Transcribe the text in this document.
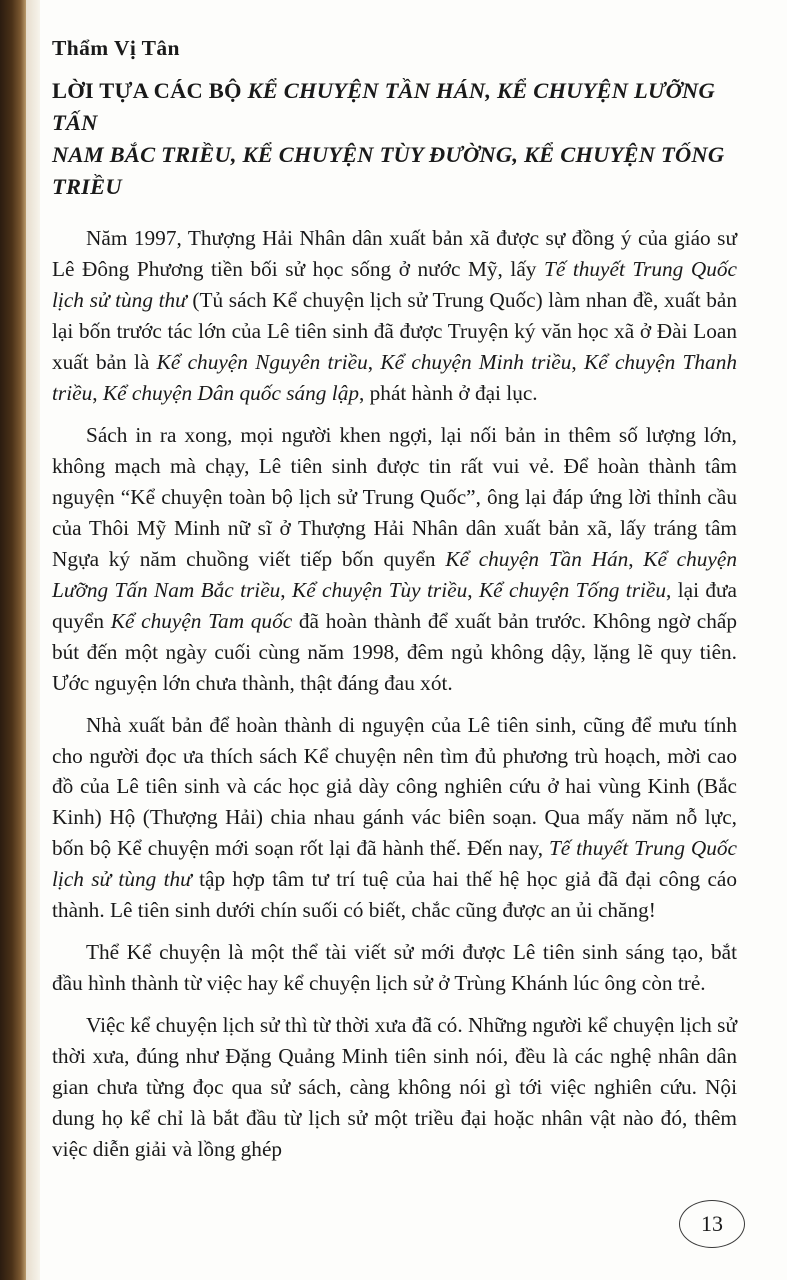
Thẩm Vị Tân
LỜI TỰA CÁC BỘ KỂ CHUYỆN TẦN HÁN, KỂ CHUYỆN LƯỠNG TẤN
NAM BẮC TRIỀU, KỂ CHUYỆN TÙY ĐƯỜNG, KỂ CHUYỆN TỐNG TRIỀU

Năm 1997, Thượng Hải Nhân dân xuất bản xã được sự đồng ý của giáo sư Lê Đông Phương tiền bối sử học sống ở nước Mỹ, lấy Tế thuyết Trung Quốc lịch sử tùng thư (Tủ sách Kể chuyện lịch sử Trung Quốc) làm nhan đề, xuất bản lại bốn trước tác lớn của Lê tiên sinh đã được Truyện ký văn học xã ở Đài Loan xuất bản là Kể chuyện Nguyên triều, Kể chuyện Minh triều, Kể chuyện Thanh triều, Kể chuyện Dân quốc sáng lập, phát hành ở đại lục.

Sách in ra xong, mọi người khen ngợi, lại nối bản in thêm số lượng lớn, không mạch mà chạy, Lê tiên sinh được tin rất vui vẻ. Để hoàn thành tâm nguyện “Kể chuyện toàn bộ lịch sử Trung Quốc”, ông lại đáp ứng lời thỉnh cầu của Thôi Mỹ Minh nữ sĩ ở Thượng Hải Nhân dân xuất bản xã, lấy tráng tâm Ngựa ký năm chuồng viết tiếp bốn quyển Kể chuyện Tần Hán, Kể chuyện Lưỡng Tấn Nam Bắc triều, Kể chuyện Tùy triều, Kể chuyện Tống triều, lại đưa quyển Kể chuyện Tam quốc đã hoàn thành để xuất bản trước. Không ngờ chấp bút đến một ngày cuối cùng năm 1998, đêm ngủ không dậy, lặng lẽ quy tiên. Ước nguyện lớn chưa thành, thật đáng đau xót.

Nhà xuất bản để hoàn thành di nguyện của Lê tiên sinh, cũng để mưu tính cho người đọc ưa thích sách Kể chuyện nên tìm đủ phương trù hoạch, mời cao đồ của Lê tiên sinh và các học giả dày công nghiên cứu ở hai vùng Kinh (Bắc Kinh) Hộ (Thượng Hải) chia nhau gánh vác biên soạn. Qua mấy năm nỗ lực, bốn bộ Kể chuyện mới soạn rốt lại đã hành thế. Đến nay, Tế thuyết Trung Quốc lịch sử tùng thư tập hợp tâm tư trí tuệ của hai thế hệ học giả đã đại công cáo thành. Lê tiên sinh dưới chín suối có biết, chắc cũng được an ủi chăng!

Thể Kể chuyện là một thể tài viết sử mới được Lê tiên sinh sáng tạo, bắt đầu hình thành từ việc hay kể chuyện lịch sử ở Trùng Khánh lúc ông còn trẻ.

Việc kể chuyện lịch sử thì từ thời xưa đã có. Những người kể chuyện lịch sử thời xưa, đúng như Đặng Quảng Minh tiên sinh nói, đều là các nghệ nhân dân gian chưa từng đọc qua sử sách, càng không nói gì tới việc nghiên cứu. Nội dung họ kể chỉ là bắt đầu từ lịch sử một triều đại hoặc nhân vật nào đó, thêm việc diễn giải và lồng ghép

13
